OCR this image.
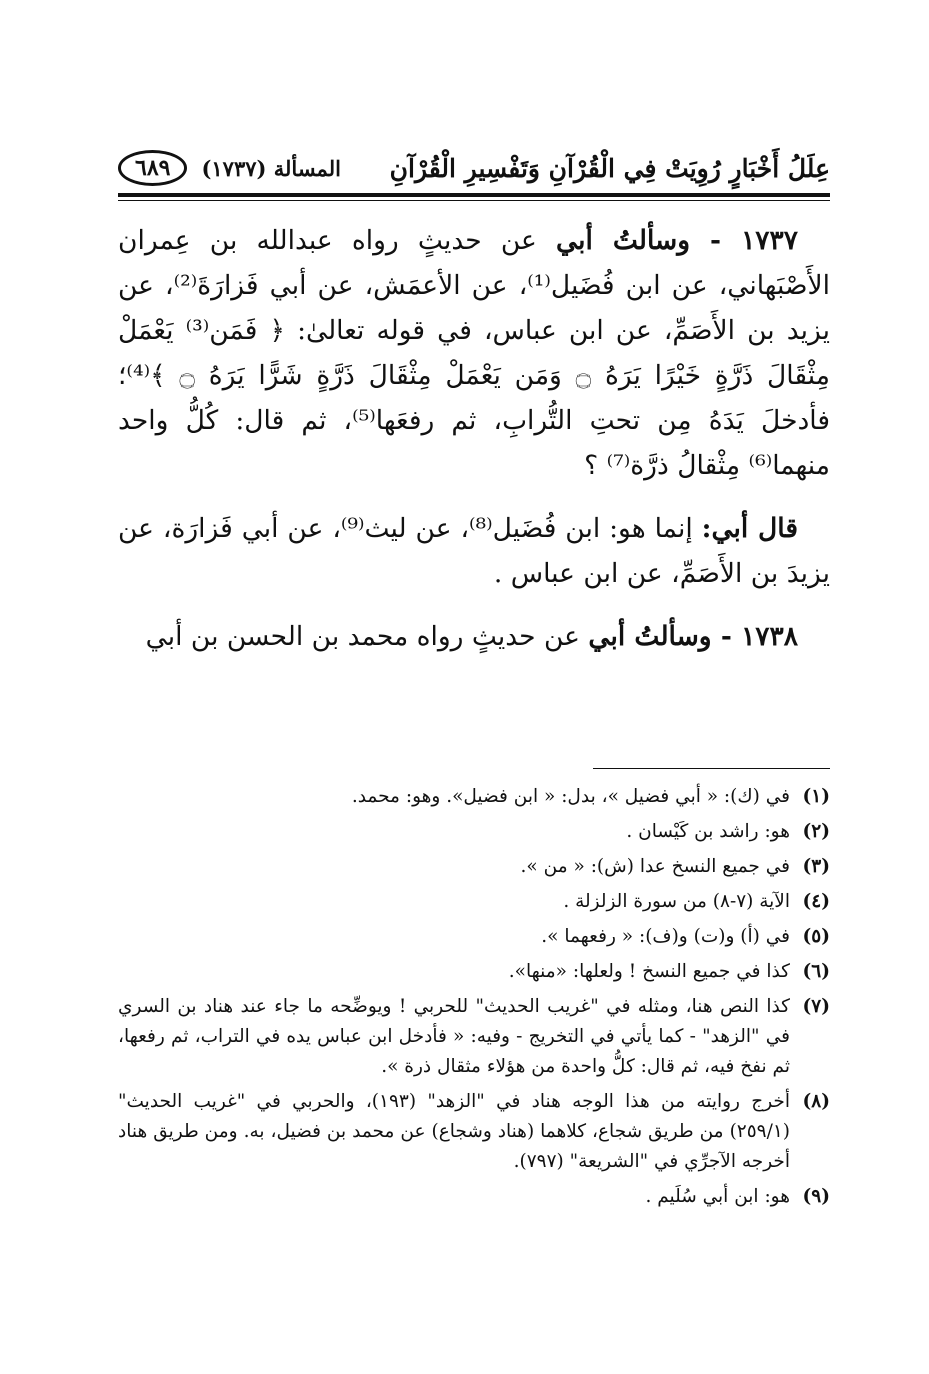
عِلَلُ أَخْبَارٍ رُوِيَتْ فِي الْقُرْآنِ وَتَفْسِيرِ الْقُرْآنِ
المسألة (١٧٣٧)
٦٨٩

١٧٣٧ - وسألتُ أبي عن حديثٍ رواه عبدالله بن عِمران الأَصْبَهاني، عن ابن فُضَيل⁽¹⁾، عن الأعمَش، عن أبي فَزارَةَ⁽²⁾، عن يزيد بن الأَصَمِّ، عن ابن عباس، في قوله تعالىٰ: ﴿ فَمَن⁽³⁾ يَعْمَلْ مِثْقَالَ ذَرَّةٍ خَيْرًا يَرَهُ ۝ وَمَن يَعْمَلْ مِثْقَالَ ذَرَّةٍ شَرًّا يَرَهُ ۝ ﴾⁽⁴⁾؛ فأدخلَ يَدَهُ مِن تحتِ التُّرابِ، ثم رفعَها⁽⁵⁾، ثم قال: كُلُّ واحد منهما⁽⁶⁾ مِثْقالُ ذرَّة⁽⁷⁾ ؟

قال أبي: إنما هو: ابن فُضَيل⁽⁸⁾، عن ليث⁽⁹⁾، عن أبي فَزارَة، عن يزيدَ بن الأَصَمِّ، عن ابن عباس .

١٧٣٨ - وسألتُ أبي عن حديثٍ رواه محمد بن الحسن بن أبي

(١)
في (ك): « أبي فضيل »، بدل: « ابن فضيل». وهو: محمد.
(٢)
هو: راشد بن كَيْسان .
(٣)
في جميع النسخ عدا (ش): « من ».
(٤)
الآية (٧-٨) من سورة الزلزلة .
(٥)
في (أ) و(ت) و(ف): « رفعهما ».
(٦)
كذا في جميع النسخ ! ولعلها: «منها».
(٧)
كذا النص هنا، ومثله في "غريب الحديث" للحربي ! ويوضِّحه ما جاء عند هناد بن السري في "الزهد" - كما يأتي في التخريج - وفيه: « فأدخل ابن عباس يده في التراب، ثم رفعها، ثم نفخ فيه، ثم قال: كلُّ واحدة من هؤلاء مثقال ذرة ».
(٨)
أخرج روايته من هذا الوجه هناد في "الزهد" (١٩٣)، والحربي في "غريب الحديث" (٢٥٩/١) من طريق شجاع، كلاهما (هناد وشجاع) عن محمد بن فضيل، به. ومن طريق هناد أخرجه الآجرِّي في "الشريعة" (٧٩٧).
(٩)
هو: ابن أبي سُلَيم .
